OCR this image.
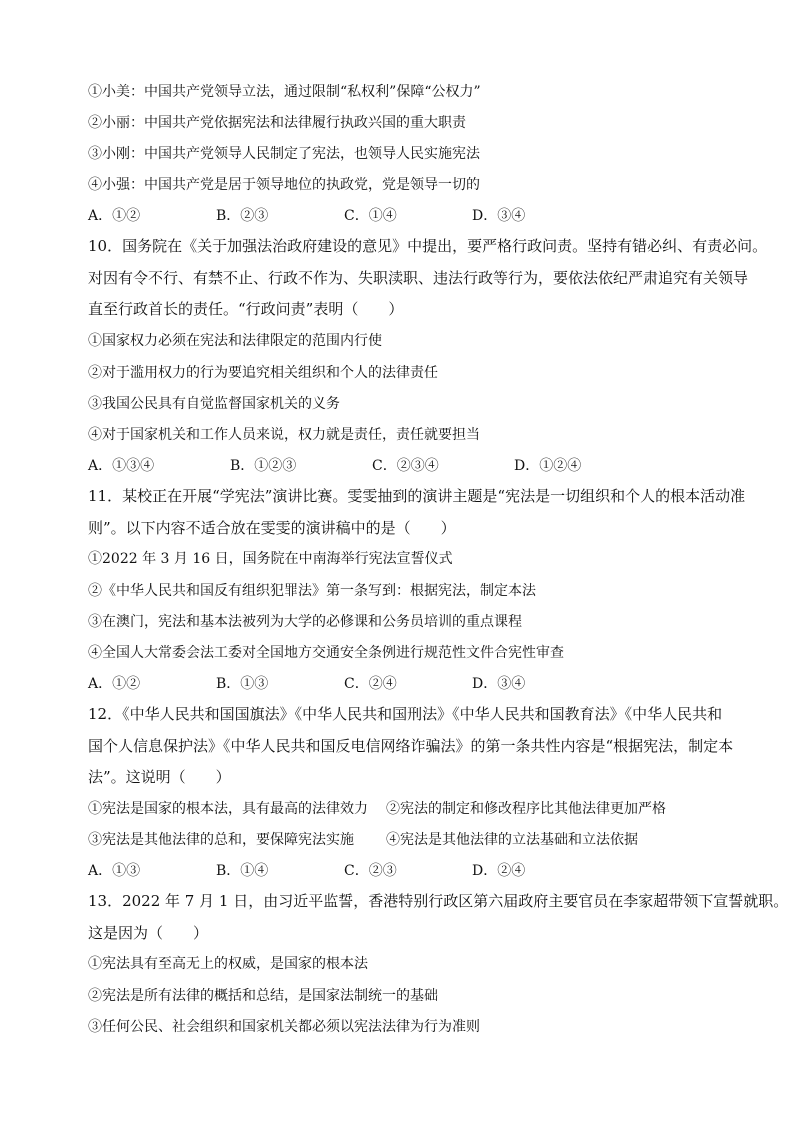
①小美：中国共产党领导立法，通过限制“私权利”保障“公权力”
②小丽：中国共产党依据宪法和法律履行执政兴国的重大职责
③小刚：中国共产党领导人民制定了宪法，也领导人民实施宪法
④小强：中国共产党是居于领导地位的执政党，党是领导一切的
A．①②	B．②③	C．①④	D．③④
10．国务院在《关于加强法治政府建设的意见》中提出，要严格行政问责。坚持有错必纠、有责必问。
对因有令不行、有禁不止、行政不作为、失职渎职、违法行政等行为，要依法依纪严肃追究有关领导
直至行政首长的责任。“行政问责”表明（　　）
①国家权力必须在宪法和法律限定的范围内行使
②对于滥用权力的行为要追究相关组织和个人的法律责任
③我国公民具有自觉监督国家机关的义务
④对于国家机关和工作人员来说，权力就是责任，责任就要担当
A．①③④	B．①②③	C．②③④	D．①②④
11．某校正在开展“学宪法”演讲比赛。雯雯抽到的演讲主题是“宪法是一切组织和个人的根本活动准
则”。以下内容不适合放在雯雯的演讲稿中的是（　　）
①2022 年 3 月 16 日，国务院在中南海举行宪法宣誓仪式
②《中华人民共和国反有组织犯罪法》第一条写到：根据宪法，制定本法
③在澳门，宪法和基本法被列为大学的必修课和公务员培训的重点课程
④全国人大常委会法工委对全国地方交通安全条例进行规范性文件合宪性审查
A．①②	B．①③	C．②④	D．③④
12．《中华人民共和国国旗法》《中华人民共和国刑法》《中华人民共和国教育法》《中华人民共和
国个人信息保护法》《中华人民共和国反电信网络诈骗法》的第一条共性内容是“根据宪法，制定本
法”。这说明（　　）
①宪法是国家的根本法，具有最高的法律效力 ②宪法的制定和修改程序比其他法律更加严格
③宪法是其他法律的总和，要保障宪法实施 ④宪法是其他法律的立法基础和立法依据
A．①③	B．①④	C．②③	D．②④
13．2022 年 7 月 1 日，由习近平监誓，香港特别行政区第六届政府主要官员在李家超带领下宣誓就职。
这是因为（　　）
①宪法具有至高无上的权威，是国家的根本法
②宪法是所有法律的概括和总结，是国家法制统一的基础
③任何公民、社会组织和国家机关都必须以宪法法律为行为准则
